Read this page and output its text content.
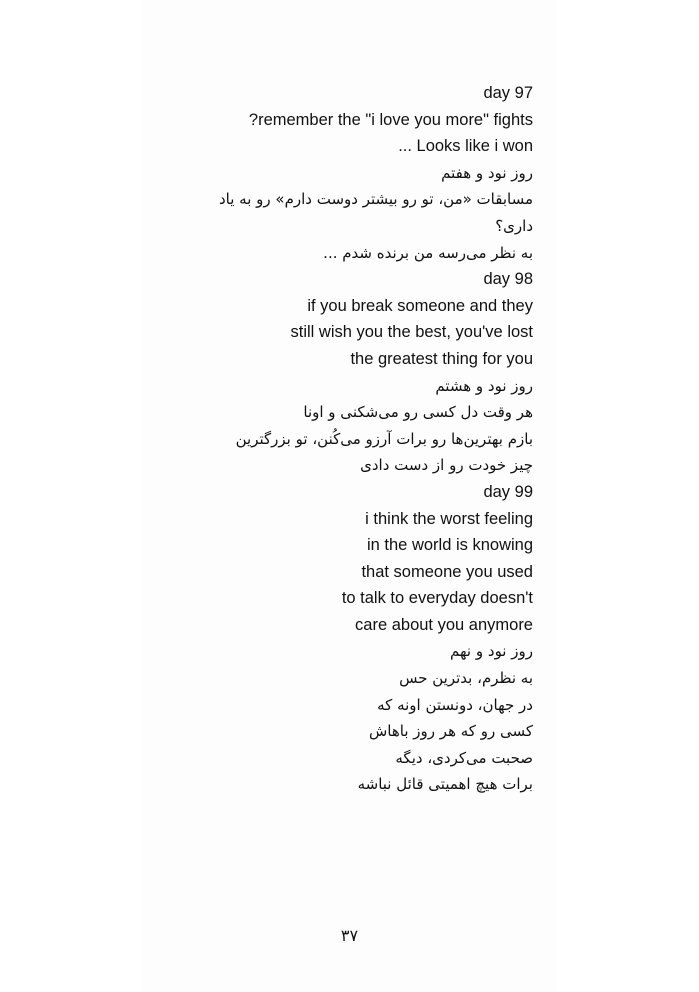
day 97
?remember the "i love you more" fights
... Looks like i won
روز نود و هفتم
مسابقات «من، تو رو بیشتر دوست دارم» رو به یاد
داری؟
به نظر می‌رسه من برنده شدم ...
day 98
if you break someone and they
still wish you the best, you've lost
the greatest thing for you
روز نود و هشتم
هر وقت دل کسی رو می‌شکنی و اونا
بازم بهترین‌ها رو برات آرزو می‌کُنن، تو بزرگترین
چیز خودت رو از دست دادی
day 99
i think the worst feeling
in the world is knowing
that someone you used
to talk to everyday doesn't
care about you anymore
روز نود و نهم
به نظرم، بدترین حس
در جهان، دونستن اونه که
کسی رو که هر روز باهاش
صحبت می‌کردی، دیگه
برات هیچ اهمیتی قائل نباشه
۳۷
